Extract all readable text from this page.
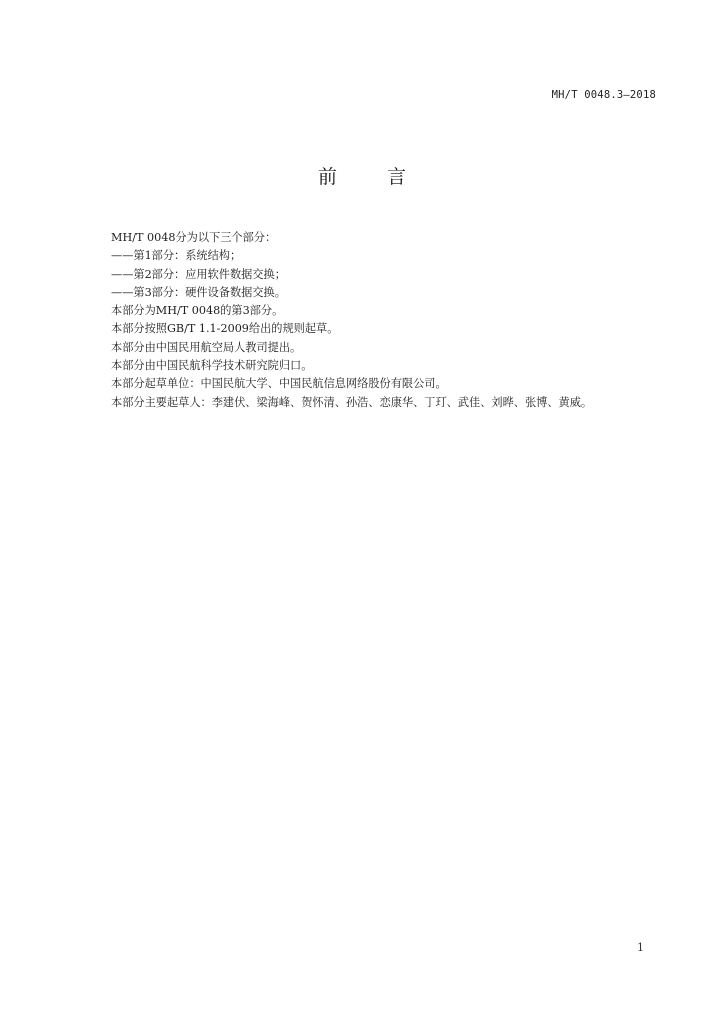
MH/T 0048.3—2018
前 言
MH/T 0048分为以下三个部分：
——第1部分：系统结构；
——第2部分：应用软件数据交换；
——第3部分：硬件设备数据交换。
本部分为MH/T 0048的第3部分。
本部分按照GB/T 1.1-2009给出的规则起草。
本部分由中国民用航空局人教司提出。
本部分由中国民航科学技术研究院归口。
本部分起草单位：中国民航大学、中国民航信息网络股份有限公司。
本部分主要起草人：李建伏、梁海峰、贺怀清、孙浩、恋康华、丁玎、武佳、刘晔、张博、黄威。
1
